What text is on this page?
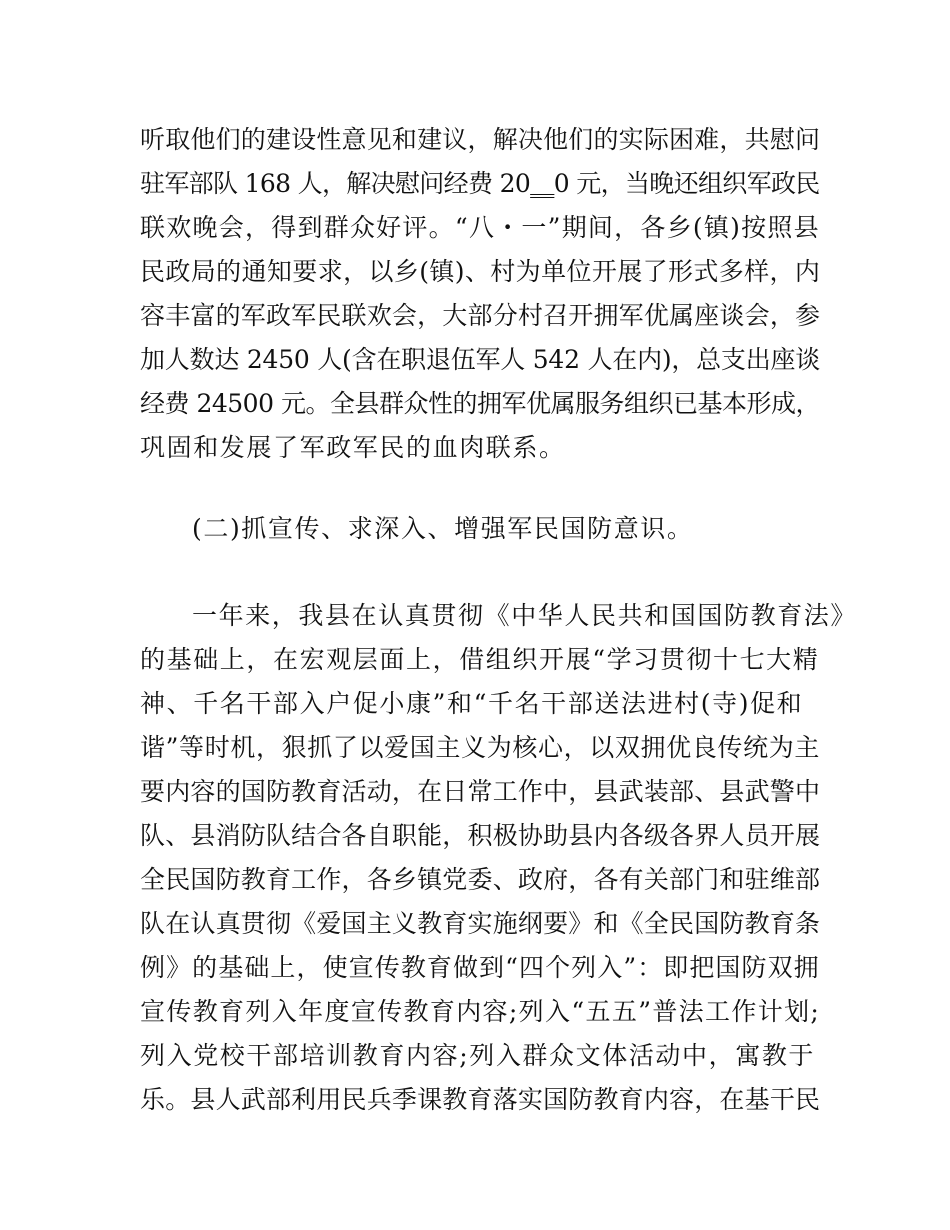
听取他们的建设性意见和建议，解决他们的实际困难，共慰问
驻军部队 168 人，解决慰问经费 20‗‗0 元，当晚还组织军政民
联欢晚会，得到群众好评。“八・一”期间，各乡(镇)按照县
民政局的通知要求，以乡(镇)、村为单位开展了形式多样，内
容丰富的军政军民联欢会，大部分村召开拥军优属座谈会，参
加人数达 2450 人(含在职退伍军人 542 人在内)，总支出座谈
经费 24500 元。全县群众性的拥军优属服务组织已基本形成，
巩固和发展了军政军民的血肉联系。
(二)抓宣传、求深入、增强军民国防意识。
一年来，我县在认真贯彻《中华人民共和国国防教育法》
的基础上，在宏观层面上，借组织开展“学习贯彻十七大精
神、千名干部入户促小康”和“千名干部送法进村(寺)促和
谐”等时机，狠抓了以爱国主义为核心，以双拥优良传统为主
要内容的国防教育活动，在日常工作中，县武装部、县武警中
队、县消防队结合各自职能，积极协助县内各级各界人员开展
全民国防教育工作，各乡镇党委、政府，各有关部门和驻维部
队在认真贯彻《爱国主义教育实施纲要》和《全民国防教育条
例》的基础上，使宣传教育做到“四个列入”：即把国防双拥
宣传教育列入年度宣传教育内容;列入“五五”普法工作计划;
列入党校干部培训教育内容;列入群众文体活动中，寓教于
乐。县人武部利用民兵季课教育落实国防教育内容，在基干民
